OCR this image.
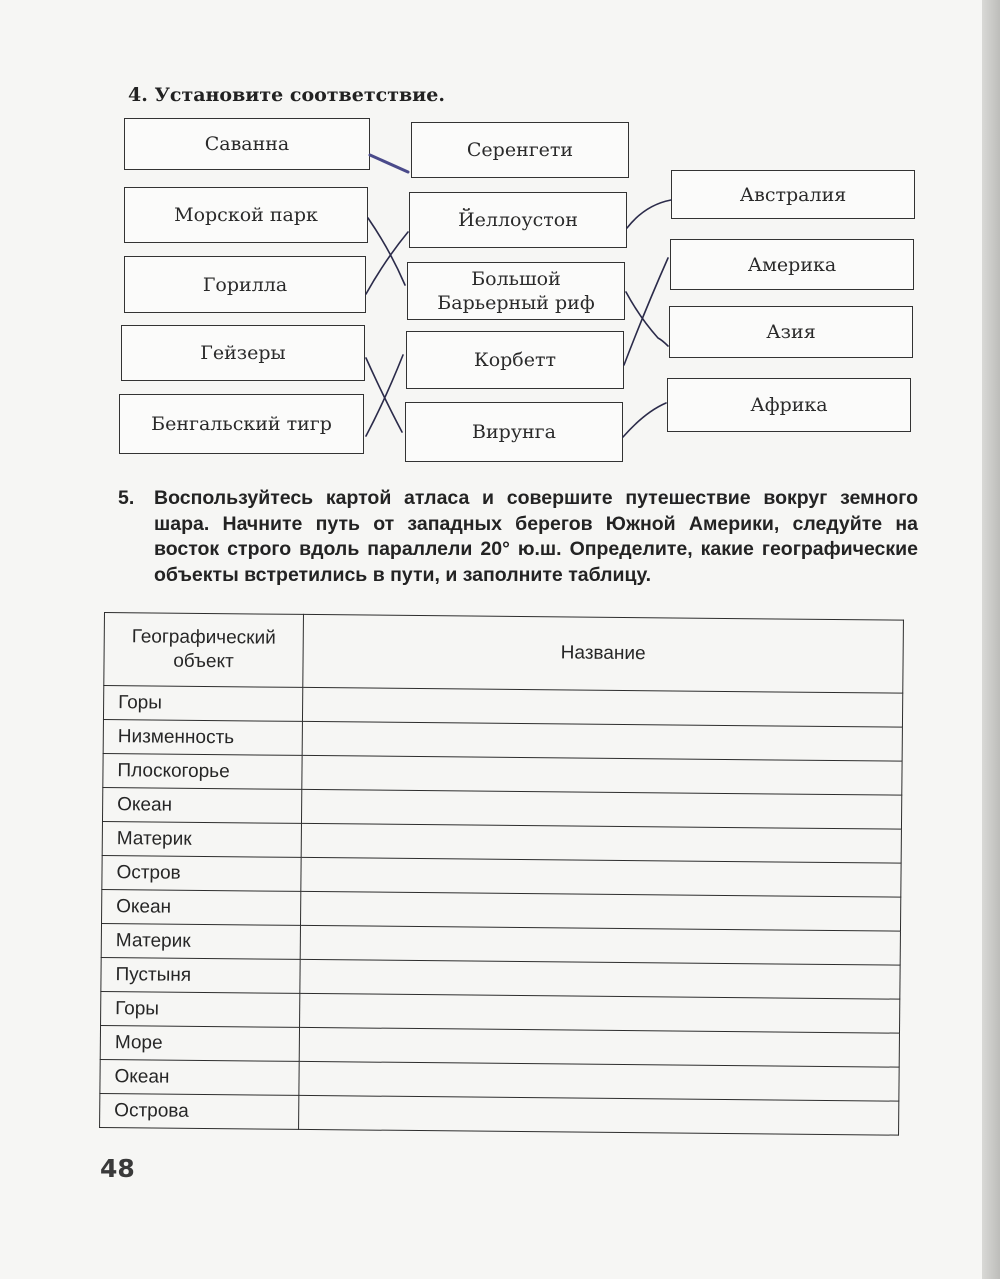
4. Установите соответствие.
Саванна
Морской парк
Горилла
Гейзеры
Бенгальский тигр
Серенгети
Йеллоустон
Большой Барьерный риф
Корбетт
Вирунга
Австралия
Америка
Азия
Африка
5. Воспользуйтесь картой атласа и совершите путешествие вокруг земного шара. Начните путь от западных берегов Южной Америки, следуйте на восток строго вдоль параллели 20° ю.ш. Определите, какие географические объекты встретились в пути, и заполните таблицу.
Географический объект	Название
Горы	
Низменность	
Плоскогорье	
Океан	
Материк	
Остров	
Океан	
Материк	
Пустыня	
Горы	
Море	
Океан	
Острова	
48
